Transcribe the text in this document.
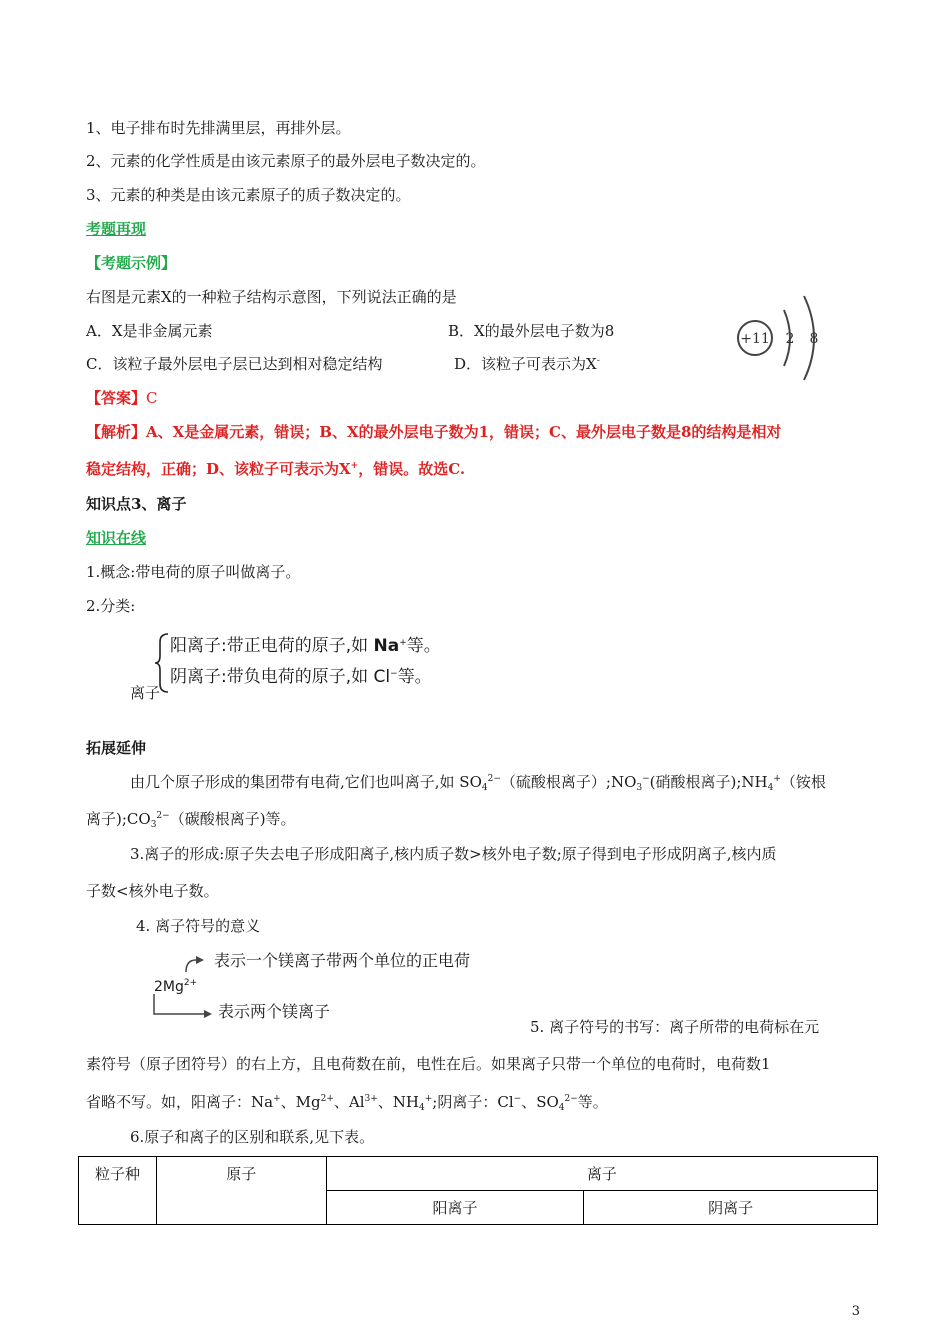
1、电子排布时先排满里层，再排外层。
2、元素的化学性质是由该元素原子的最外层电子数决定的。
3、元素的种类是由该元素原子的质子数决定的。
考题再现
【考题示例】
右图是元素X的一种粒子结构示意图，下列说法正确的是
A．X是非金属元素	B．X的最外层电子数为8
C．该粒子最外层电子层已达到相对稳定结构	D．该粒子可表示为X-
+11 2 8
【答案】C
【解析】A、X是金属元素，错误；B、X的最外层电子数为1，错误；C、最外层电子数是8的结构是相对
稳定结构，正确；D、该粒子可表示为X+，错误。故选C.
知识点3、离子
知识在线
1.概念:带电荷的原子叫做离子。
2.分类:
离子
阳离子:带正电荷的原子,如 Na+等。
阴离子:带负电荷的原子,如 Cl−等。
拓展延伸
由几个原子形成的集团带有电荷,它们也叫离子,如 $SO_4^{2-}$（硫酸根离子）$;NO_3^-$(硝酸根离子)$;NH_4^+$（铵根
离子)$;CO_3^{2-}$（碳酸根离子)等。
3.离子的形成:原子失去电子形成阳离子,核内质子数>核外电子数;原子得到电子形成阴离子,核内质
子数<核外电子数。
4. 离子符号的意义
表示一个镁离子带两个单位的正电荷
$2Mg^{2+}$
表示两个镁离子
5. 离子符号的书写：离子所带的电荷标在元
素符号（原子团符号）的右上方，且电荷数在前，电性在后。如果离子只带一个单位的电荷时，电荷数1
省略不写。如，阳离子：Na+、$Mg^{2+}$、$Al^{3+}$、$NH_4^+$;阴离子：Cl−、$SO_4^{2-}$等。
6.原子和离子的区别和联系,见下表。
粒子种	原子	离子	
		阳离子	阴离子
3
